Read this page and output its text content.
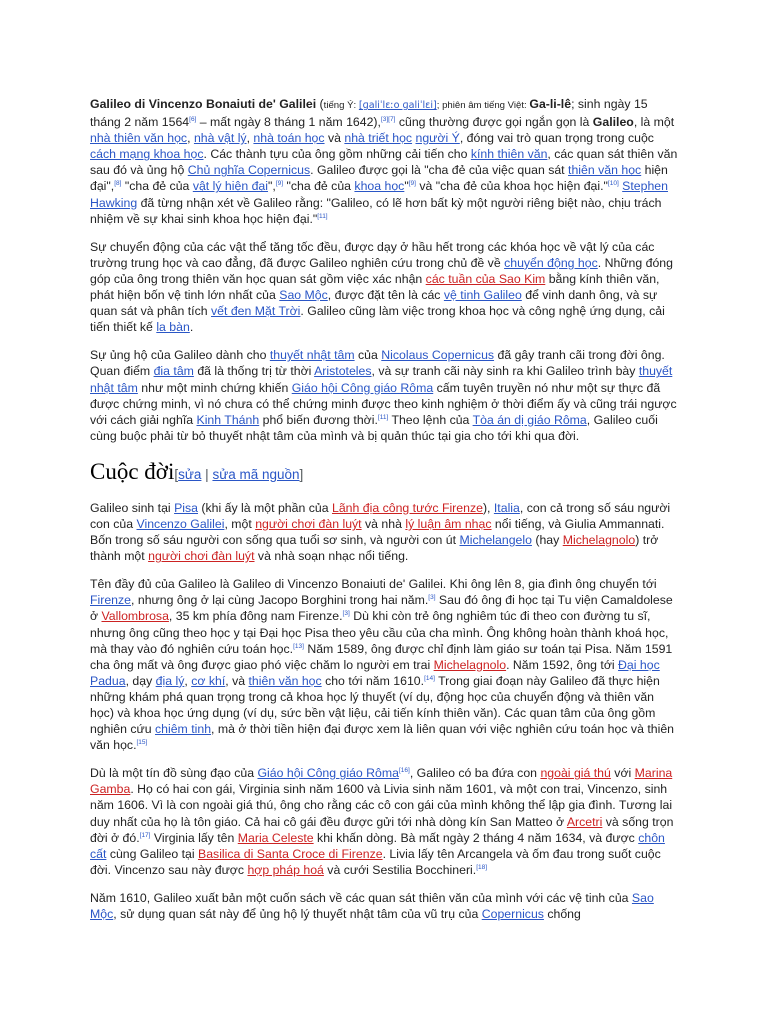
Galileo di Vincenzo Bonaiuti de' Galilei (tiếng Ý: [ɡaliˈlɛːo ɡaliˈlɛi]; phiên âm tiếng Việt: Ga-li-lê; sinh ngày 15 tháng 2 năm 1564[6] – mất ngày 8 tháng 1 năm 1642),[3][7] cũng thường được gọi ngắn gọn là Galileo, là một nhà thiên văn học, nhà vật lý, nhà toán học và nhà triết học người Ý, đóng vai trò quan trọng trong cuộc cách mạng khoa học. Các thành tựu của ông gồm những cải tiến cho kính thiên văn, các quan sát thiên văn sau đó và ủng hộ Chủ nghĩa Copernicus. Galileo được gọi là "cha đẻ của việc quan sát thiên văn học hiện đại",[8] "cha đẻ của vật lý hiện đại",[9] "cha đẻ của khoa học"[9] và "cha đẻ của khoa học hiện đại."[10] Stephen Hawking đã từng nhận xét về Galileo rằng: "Galileo, có lẽ hơn bất kỳ một người riêng biệt nào, chịu trách nhiệm về sự khai sinh khoa học hiện đại."[11]

Sự chuyển động của các vật thể tăng tốc đều, được dạy ở hầu hết trong các khóa học về vật lý của các trường trung học và cao đẳng, đã được Galileo nghiên cứu trong chủ đề về chuyển động học. Những đóng góp của ông trong thiên văn học quan sát gồm việc xác nhận các tuần của Sao Kim bằng kính thiên văn, phát hiện bốn vệ tinh lớn nhất của Sao Mộc, được đặt tên là các vệ tinh Galileo để vinh danh ông, và sự quan sát và phân tích vết đen Mặt Trời. Galileo cũng làm việc trong khoa học và công nghệ ứng dụng, cải tiến thiết kế la bàn.

Sự ủng hộ của Galileo dành cho thuyết nhật tâm của Nicolaus Copernicus đã gây tranh cãi trong đời ông. Quan điểm địa tâm đã là thống trị từ thời Aristoteles, và sự tranh cãi này sinh ra khi Galileo trình bày thuyết nhật tâm như một minh chứng khiến Giáo hội Công giáo Rôma cấm tuyên truyền nó như một sự thực đã được chứng minh, vì nó chưa có thể chứng minh được theo kinh nghiệm ở thời điểm ấy và cũng trái ngược với cách giải nghĩa Kinh Thánh phổ biến đương thời.[11] Theo lệnh của Tòa án dị giáo Rôma, Galileo cuối cùng buộc phải từ bỏ thuyết nhật tâm của mình và bị quản thúc tại gia cho tới khi qua đời.

Cuộc đời[sửa | sửa mã nguồn]

Galileo sinh tại Pisa (khi ấy là một phần của Lãnh địa công tước Firenze), Italia, con cả trong số sáu người con của Vincenzo Galilei, một người chơi đàn luýt và nhà lý luận âm nhạc nổi tiếng, và Giulia Ammannati. Bốn trong số sáu người con sống qua tuổi sơ sinh, và người con út Michelangelo (hay Michelagnolo) trở thành một người chơi đàn luýt và nhà soạn nhạc nổi tiếng.

Tên đầy đủ của Galileo là Galileo di Vincenzo Bonaiuti de' Galilei. Khi ông lên 8, gia đình ông chuyển tới Firenze, nhưng ông ở lại cùng Jacopo Borghini trong hai năm.[3] Sau đó ông đi học tại Tu viện Camaldolese ở Vallombrosa, 35 km phía đông nam Firenze.[3] Dù khi còn trẻ ông nghiêm túc đi theo con đường tu sĩ, nhưng ông cũng theo học y tại Đại học Pisa theo yêu cầu của cha mình. Ông không hoàn thành khoá học, mà thay vào đó nghiên cứu toán học.[13] Năm 1589, ông được chỉ định làm giáo sư toán tại Pisa. Năm 1591 cha ông mất và ông được giao phó việc chăm lo người em trai Michelagnolo. Năm 1592, ông tới Đại học Padua, dạy địa lý, cơ khí, và thiên văn học cho tới năm 1610.[14] Trong giai đoạn này Galileo đã thực hiện những khám phá quan trọng trong cả khoa học lý thuyết (ví dụ, động học của chuyển động và thiên văn học) và khoa học ứng dụng (ví dụ, sức bền vật liệu, cải tiến kính thiên văn). Các quan tâm của ông gồm nghiên cứu chiêm tinh, mà ở thời tiền hiện đại được xem là liên quan với việc nghiên cứu toán học và thiên văn học.[15]

Dù là một tín đồ sùng đạo của Giáo hội Công giáo Rôma[16], Galileo có ba đứa con ngoài giá thú với Marina Gamba. Họ có hai con gái, Virginia sinh năm 1600 và Livia sinh năm 1601, và một con trai, Vincenzo, sinh năm 1606. Vì là con ngoài giá thú, ông cho rằng các cô con gái của mình không thể lập gia đình. Tương lai duy nhất của họ là tôn giáo. Cả hai cô gái đều được gửi tới nhà dòng kín San Matteo ở Arcetri và sống trọn đời ở đó.[17] Virginia lấy tên Maria Celeste khi khấn dòng. Bà mất ngày 2 tháng 4 năm 1634, và được chôn cất cùng Galileo tại Basilica di Santa Croce di Firenze. Livia lấy tên Arcangela và ốm đau trong suốt cuộc đời. Vincenzo sau này được hợp pháp hoá và cưới Sestilia Bocchineri.[18]

Năm 1610, Galileo xuất bản một cuốn sách về các quan sát thiên văn của mình với các vệ tinh của Sao Mộc, sử dụng quan sát này để ủng hộ lý thuyết nhật tâm của vũ trụ của Copernicus chống
